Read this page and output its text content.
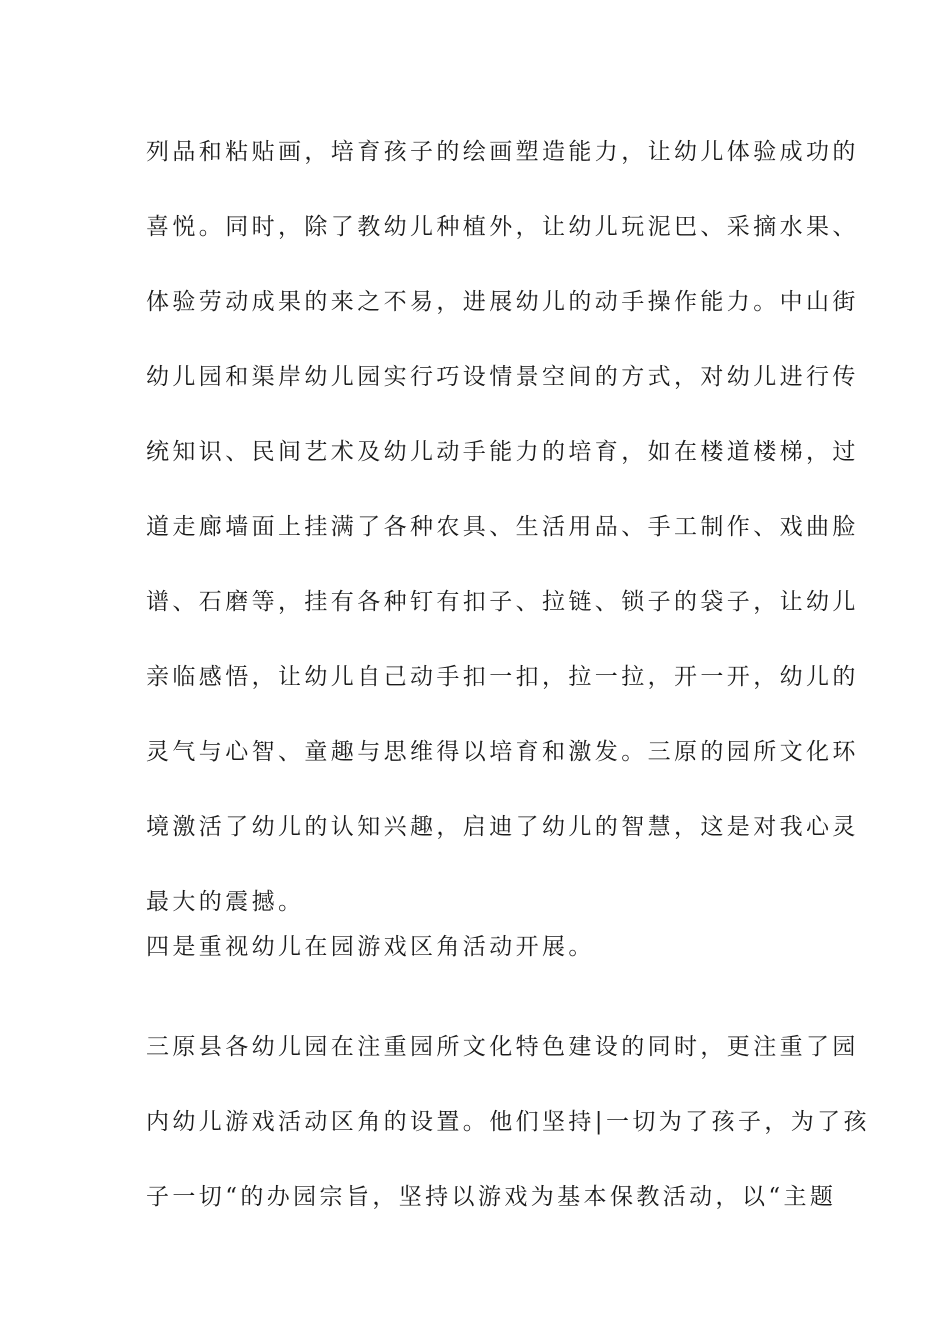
列品和粘贴画，培育孩子的绘画塑造能力，让幼儿体验成功的
喜悦。同时，除了教幼儿种植外，让幼儿玩泥巴、采摘水果、
体验劳动成果的来之不易，进展幼儿的动手操作能力。中山街
幼儿园和渠岸幼儿园实行巧设情景空间的方式，对幼儿进行传
统知识、民间艺术及幼儿动手能力的培育，如在楼道楼梯，过
道走廊墙面上挂满了各种农具、生活用品、手工制作、戏曲脸
谱、石磨等，挂有各种钉有扣子、拉链、锁子的袋子，让幼儿
亲临感悟，让幼儿自己动手扣一扣，拉一拉，开一开，幼儿的
灵气与心智、童趣与思维得以培育和激发。三原的园所文化环
境激活了幼儿的认知兴趣，启迪了幼儿的智慧，这是对我心灵
最大的震撼。
四是重视幼儿在园游戏区角活动开展。
三原县各幼儿园在注重园所文化特色建设的同时，更注重了园
内幼儿游戏活动区角的设置。他们坚持|一切为了孩子，为了孩
子一切“的办园宗旨，坚持以游戏为基本保教活动，以“主题
